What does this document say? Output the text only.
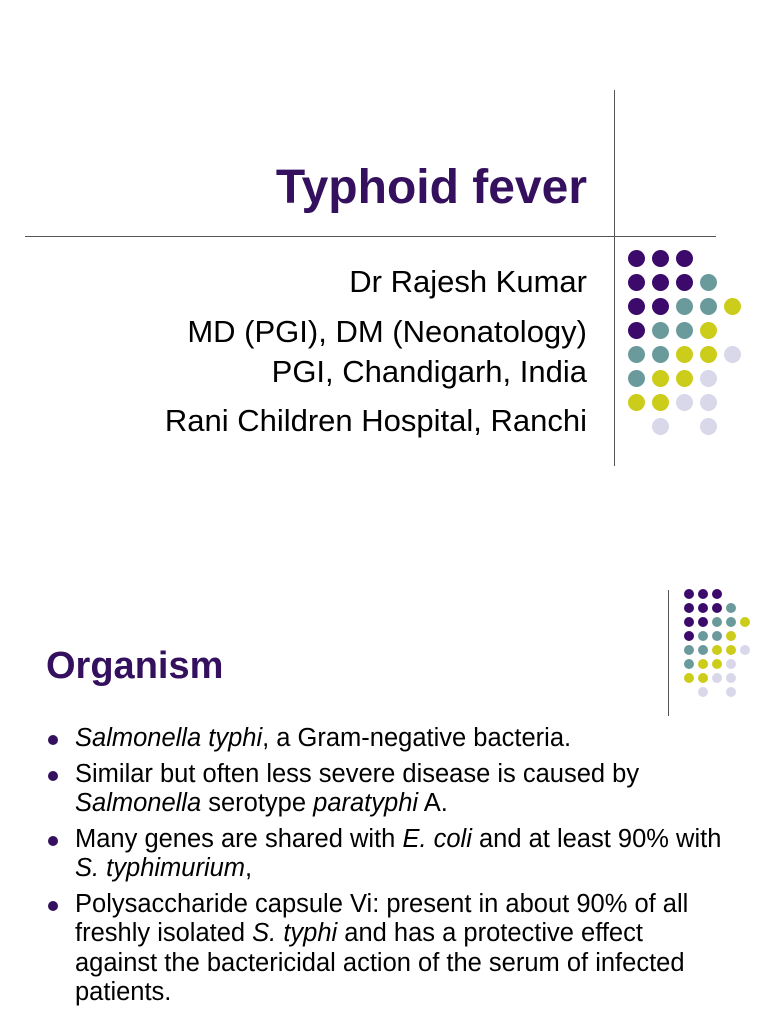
Typhoid fever

Dr Rajesh Kumar

MD (PGI), DM (Neonatology)

PGI, Chandigarh, India

Rani Children Hospital, Ranchi

Organism
Salmonella typhi, a Gram-negative bacteria.
Similar but often less severe disease is caused by Salmonella serotype paratyphi A.
Many genes are shared with E. coli and at least 90% with S. typhimurium,
Polysaccharide capsule Vi: present in about 90% of all freshly isolated S. typhi and has a protective effect against the bactericidal action of the serum of infected patients.
